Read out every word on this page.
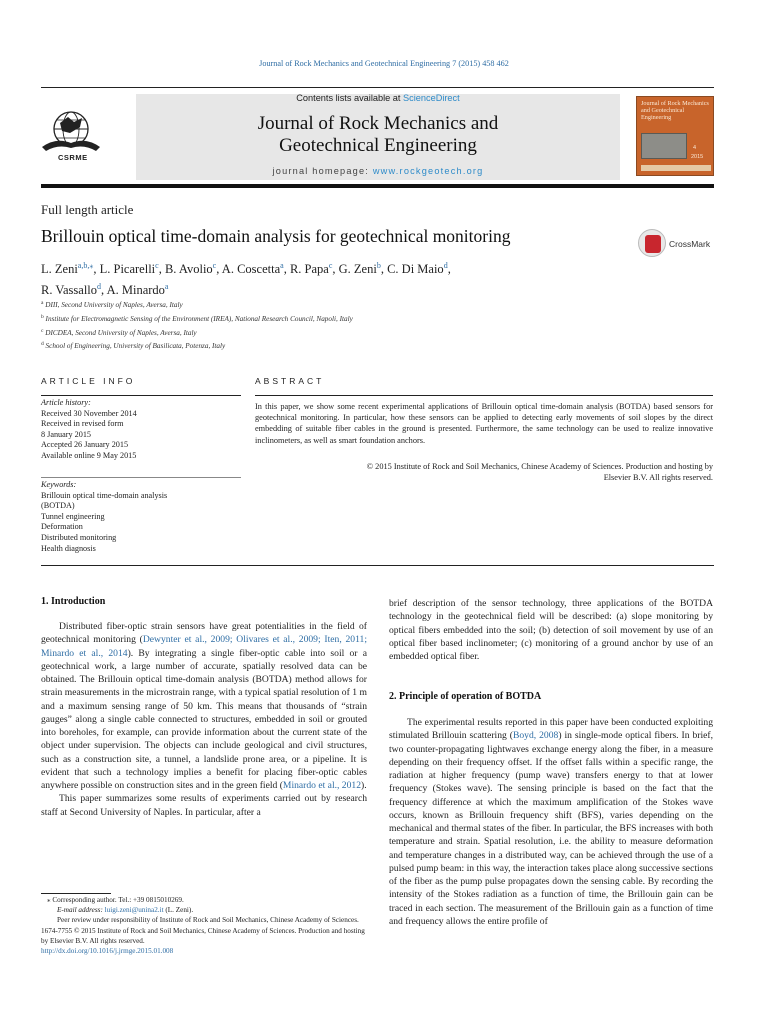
Journal of Rock Mechanics and Geotechnical Engineering 7 (2015) 458 462
CSRME
Contents lists available at ScienceDirect
Journal of Rock Mechanics and
Geotechnical Engineering
journal homepage: www.rockgeotech.org
Journal of Rock Mechanics and Geotechnical Engineering
4
2015
Full length article
Brillouin optical time-domain analysis for geotechnical monitoring	CrossMark
L. Zeni$^{a,b,⁎}$, L. Picarelli$^c$, B. Avolio$^c$, A. Coscetta$^a$, R. Papa$^c$, G. Zeni$^b$, C. Di Maio$^d$,
R. Vassallo$^d$, A. Minardo$^a$
$^a$ DIII, Second University of Naples, Aversa, Italy
$^b$ Institute for Electromagnetic Sensing of the Environment (IREA), National Research Council, Napoli, Italy
$^c$ DICDEA, Second University of Naples, Aversa, Italy
$^d$ School of Engineering, University of Basilicata, Potenza, Italy
ARTICLE INFO	ABSTRACT
Article history:
Received 30 November 2014
Received in revised form
8 January 2015
Accepted 26 January 2015
Available online 9 May 2015
Keywords:
Brillouin optical time-domain analysis
(BOTDA)
Tunnel engineering
Deformation
Distributed monitoring
Health diagnosis
In this paper, we show some recent experimental applications of Brillouin optical time-domain analysis (BOTDA) based sensors for geotechnical monitoring. In particular, how these sensors can be applied to detecting early movements of soil slopes by the direct embedding of suitable fiber cables in the ground is presented. Furthermore, the same technology can be used to realize innovative inclinometers, as well as smart foundation anchors.
© 2015 Institute of Rock and Soil Mechanics, Chinese Academy of Sciences. Production and hosting by
Elsevier B.V. All rights reserved.
1. Introduction

Distributed fiber-optic strain sensors have great potentialities in the field of geotechnical monitoring (Dewynter et al., 2009; Olivares et al., 2009; Iten, 2011; Minardo et al., 2014). By integrating a single fiber-optic cable into soil or a geotechnical work, a large number of accurate, spatially resolved data can be obtained. The Brillouin optical time-domain analysis (BOTDA) method allows for strain measurements in the microstrain range, with a typical spatial resolution of 1 m and a maximum sensing range of 50 km. This means that thousands of “strain gauges” along a single cable connected to structures, embedded in soil or grouted into boreholes, for example, can provide information about the current state of the object under supervision. The objects can include geological and civil structures, such as a construction site, a tunnel, a landslide prone area, or a pipeline. It is evident that such a technology implies a benefit for placing fiber-optic cables anywhere possible on construction sites and in the green field (Minardo et al., 2012).

This paper summarizes some results of experiments carried out by research staff at Second University of Naples. In particular, after a

⁎ Corresponding author. Tel.: +39 0815010269.
E-mail address: luigi.zeni@unina2.it (L. Zeni).
Peer review under responsibility of Institute of Rock and Soil Mechanics, Chinese Academy of Sciences.
1674-7755 © 2015 Institute of Rock and Soil Mechanics, Chinese Academy of Sciences. Production and hosting by Elsevier B.V. All rights reserved.
http://dx.doi.org/10.1016/j.jrmge.2015.01.008
brief description of the sensor technology, three applications of the BOTDA technology in the geotechnical field will be described: (a) slope monitoring by optical fibers embedded into the soil; (b) detection of soil movement by use of an optical fiber based inclinometer; (c) monitoring of a ground anchor by use of an embedded optical fiber.
2. Principle of operation of BOTDA

The experimental results reported in this paper have been conducted exploiting stimulated Brillouin scattering (Boyd, 2008) in single-mode optical fibers. In brief, two counter-propagating lightwaves exchange energy along the fiber, in a measure depending on their frequency offset. If the offset falls within a specific range, the radiation at higher frequency (pump wave) transfers energy to that at lower frequency (Stokes wave). The sensing principle is based on the fact that the frequency difference at which the maximum amplification of the Stokes wave occurs, known as Brillouin frequency shift (BFS), varies depending on the mechanical and thermal states of the fiber. In particular, the BFS increases with both temperature and strain. Spatial resolution, i.e. the ability to measure deformation and temperature changes in a distributed way, can be achieved through the use of a pulsed pump beam: in this way, the interaction takes place along successive sections of the fiber as the pump pulse propagates down the sensing cable. By recording the intensity of the Stokes radiation as a function of time, the Brillouin gain can be traced in each section. The measurement of the Brillouin gain as a function of time and frequency allows the entire profile of
